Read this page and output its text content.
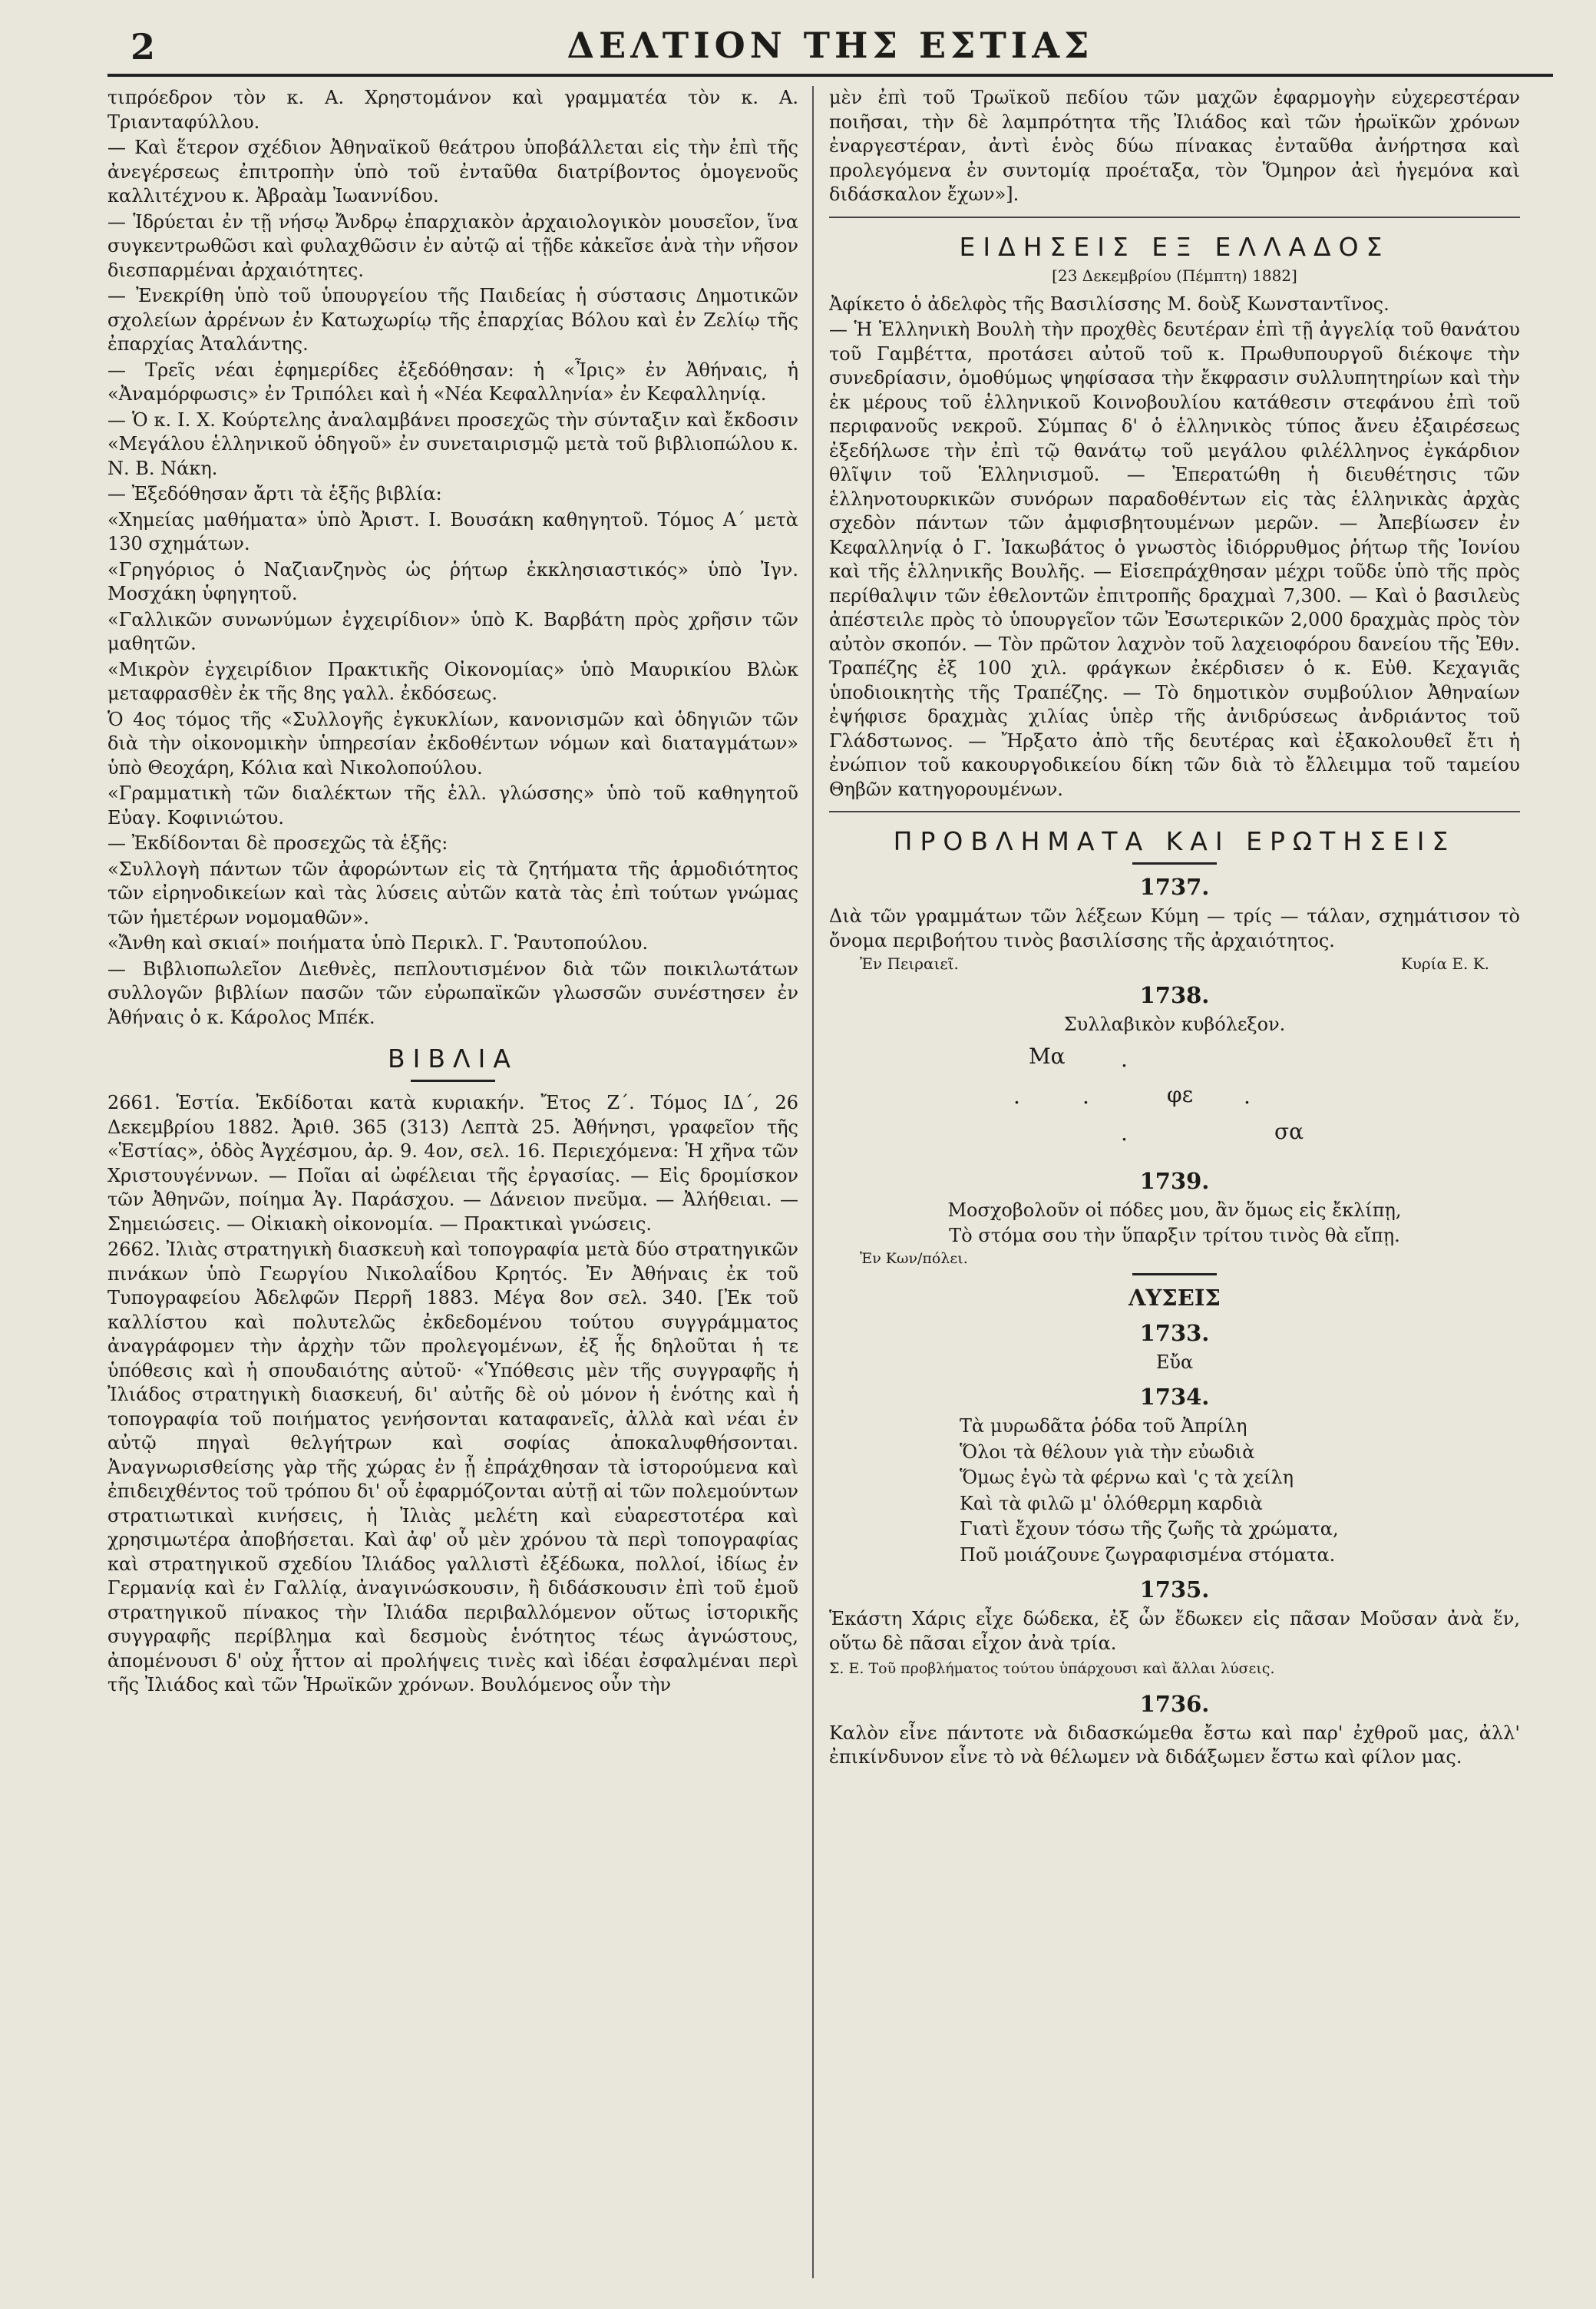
2	ΔΕΛΤΙΟΝ ΤΗΣ ΕΣΤΙΑΣ

τιπρόεδρον τὸν κ. Α. Χρηστομάνον καὶ γραμματέα τὸν κ. Α. Τριανταφύλλου.

— Καὶ ἕτερον σχέδιον Ἀθηναϊκοῦ θεάτρου ὑποβάλλεται εἰς τὴν ἐπὶ τῆς ἀνεγέρσεως ἐπιτροπὴν ὑπὸ τοῦ ἐνταῦθα διατρίβοντος ὁμογενοῦς καλλιτέχνου κ. Ἀβραὰμ Ἰωαννίδου.

— Ἱδρύεται ἐν τῇ νήσῳ Ἄνδρῳ ἐπαρχιακὸν ἀρχαιολογικὸν μουσεῖον, ἵνα συγκεντρωθῶσι καὶ φυλαχθῶσιν ἐν αὐτῷ αἱ τῇδε κἀκεῖσε ἀνὰ τὴν νῆσον διεσπαρμέναι ἀρχαιότητες.

— Ἐνεκρίθη ὑπὸ τοῦ ὑπουργείου τῆς Παιδείας ἡ σύστασις Δημοτικῶν σχολείων ἀρρένων ἐν Κατωχωρίῳ τῆς ἐπαρχίας Βόλου καὶ ἐν Ζελίῳ τῆς ἐπαρχίας Ἀταλάντης.

— Τρεῖς νέαι ἐφημερίδες ἐξεδόθησαν: ἡ «Ἶρις» ἐν Ἀθήναις, ἡ «Ἀναμόρφωσις» ἐν Τριπόλει καὶ ἡ «Νέα Κεφαλληνία» ἐν Κεφαλληνίᾳ.

— Ὁ κ. Ι. Χ. Κούρτελης ἀναλαμβάνει προσεχῶς τὴν σύνταξιν καὶ ἔκδοσιν «Μεγάλου ἑλληνικοῦ ὁδηγοῦ» ἐν συνεταιρισμῷ μετὰ τοῦ βιβλιοπώλου κ. Ν. Β. Νάκη.

— Ἐξεδόθησαν ἄρτι τὰ ἑξῆς βιβλία:

«Χημείας μαθήματα» ὑπὸ Ἀριστ. Ι. Βουσάκη καθηγητοῦ. Τόμος Α΄ μετὰ 130 σχημάτων.

«Γρηγόριος ὁ Ναζιανζηνὸς ὡς ῥήτωρ ἐκκλησιαστικός» ὑπὸ Ἰγν. Μοσχάκη ὑφηγητοῦ.

«Γαλλικῶν συνωνύμων ἐγχειρίδιον» ὑπὸ Κ. Βαρβάτη πρὸς χρῆσιν τῶν μαθητῶν.

«Μικρὸν ἐγχειρίδιον Πρακτικῆς Οἰκονομίας» ὑπὸ Μαυρικίου Βλὼκ μεταφρασθὲν ἐκ τῆς 8ης γαλλ. ἐκδόσεως.

Ὁ 4ος τόμος τῆς «Συλλογῆς ἐγκυκλίων, κανονισμῶν καὶ ὁδηγιῶν τῶν διὰ τὴν οἰκονομικὴν ὑπηρεσίαν ἐκδοθέντων νόμων καὶ διαταγμάτων» ὑπὸ Θεοχάρη, Κόλια καὶ Νικολοπούλου.

«Γραμματικὴ τῶν διαλέκτων τῆς ἑλλ. γλώσσης» ὑπὸ τοῦ καθηγητοῦ Εὐαγ. Κοφινιώτου.

— Ἐκδίδονται δὲ προσεχῶς τὰ ἑξῆς:

«Συλλογὴ πάντων τῶν ἀφορώντων εἰς τὰ ζητήματα τῆς ἁρμοδιότητος τῶν εἰρηνοδικείων καὶ τὰς λύσεις αὐτῶν κατὰ τὰς ἐπὶ τούτων γνώμας τῶν ἡμετέρων νομομαθῶν».

«Ἄνθη καὶ σκιαί» ποιήματα ὑπὸ Περικλ. Γ. Ῥαυτοπούλου.

— Βιβλιοπωλεῖον Διεθνὲς, πεπλουτισμένον διὰ τῶν ποικιλωτάτων συλλογῶν βιβλίων πασῶν τῶν εὐρωπαϊκῶν γλωσσῶν συνέστησεν ἐν Ἀθήναις ὁ κ. Κάρολος Μπέκ.

ΒΙΒΛΙΑ

2661. Ἑστία. Ἐκδίδοται κατὰ κυριακήν. Ἔτος Ζ΄. Τόμος ΙΔ΄, 26 Δεκεμβρίου 1882. Ἀριθ. 365 (313) Λεπτὰ 25. Ἀθήνησι, γραφεῖον τῆς «Ἑστίας», ὁδὸς Ἀγχέσμου, ἀρ. 9. 4ον, σελ. 16. Περιεχόμενα: Ἡ χῆνα τῶν Χριστουγέννων. — Ποῖαι αἱ ὠφέλειαι τῆς ἐργασίας. — Εἰς δρομίσκον τῶν Ἀθηνῶν, ποίημα Ἀγ. Παράσχου. — Δάνειον πνεῦμα. — Ἀλήθειαι. — Σημειώσεις. — Οἰκιακὴ οἰκονομία. — Πρακτικαὶ γνώσεις.

2662. Ἰλιὰς στρατηγικὴ διασκευὴ καὶ τοπογραφία μετὰ δύο στρατηγικῶν πινάκων ὑπὸ Γεωργίου Νικολαΐδου Κρητός. Ἐν Ἀθήναις ἐκ τοῦ Τυπογραφείου Ἀδελφῶν Περρῆ 1883. Μέγα 8ον σελ. 340. [Ἐκ τοῦ καλλίστου καὶ πολυτελῶς ἐκδεδομένου τούτου συγγράμματος ἀναγράφομεν τὴν ἀρχὴν τῶν προλεγομένων, ἐξ ἧς δηλοῦται ἡ τε ὑπόθεσις καὶ ἡ σπουδαιότης αὐτοῦ· «Ὑπόθεσις μὲν τῆς συγγραφῆς ἡ Ἰλιάδος στρατηγικὴ διασκευή, δι' αὐτῆς δὲ οὐ μόνον ἡ ἑνότης καὶ ἡ τοπογραφία τοῦ ποιήματος γενήσονται καταφανεῖς, ἀλλὰ καὶ νέαι ἐν αὐτῷ πηγαὶ θελγήτρων καὶ σοφίας ἀποκαλυφθήσονται. Ἀναγνωρισθείσης γὰρ τῆς χώρας ἐν ᾗ ἐπράχθησαν τὰ ἱστορούμενα καὶ ἐπιδειχθέντος τοῦ τρόπου δι' οὗ ἐφαρμόζονται αὐτῇ αἱ τῶν πολεμούντων στρατιωτικαὶ κινήσεις, ἡ Ἰλιὰς μελέτη καὶ εὐαρεστοτέρα καὶ χρησιμωτέρα ἀποβήσεται. Καὶ ἀφ' οὗ μὲν χρόνου τὰ περὶ τοπογραφίας καὶ στρατηγικοῦ σχεδίου Ἰλιάδος γαλλιστὶ ἐξέδωκα, πολλοί, ἰδίως ἐν Γερμανίᾳ καὶ ἐν Γαλλίᾳ, ἀναγινώσκουσιν, ἢ διδάσκουσιν ἐπὶ τοῦ ἐμοῦ στρατηγικοῦ πίνακος τὴν Ἰλιάδα περιβαλλόμενον οὕτως ἱστορικῆς συγγραφῆς περίβλημα καὶ δεσμοὺς ἑνότητος τέως ἀγνώστους, ἀπομένουσι δ' οὐχ ἧττον αἱ προλήψεις τινὲς καὶ ἰδέαι ἐσφαλμέναι περὶ τῆς Ἰλιάδος καὶ τῶν Ἡρωϊκῶν χρόνων. Βουλόμενος οὖν τὴν

μὲν ἐπὶ τοῦ Τρωϊκοῦ πεδίου τῶν μαχῶν ἐφαρμογὴν εὐχερεστέραν ποιῆσαι, τὴν δὲ λαμπρότητα τῆς Ἰλιάδος καὶ τῶν ἡρωϊκῶν χρόνων ἐναργεστέραν, ἀντὶ ἑνὸς δύω πίνακας ἐνταῦθα ἀνήρτησα καὶ προλεγόμενα ἐν συντομίᾳ προέταξα, τὸν Ὅμηρον ἀεὶ ἡγεμόνα καὶ διδάσκαλον ἔχων»].

ΕΙΔΗΣΕΙΣ ΕΞ ΕΛΛΑΔΟΣ
[23 Δεκεμβρίου (Πέμπτη) 1882]

Ἀφίκετο ὁ ἀδελφὸς τῆς Βασιλίσσης Μ. δοὺξ Κωνσταντῖνος.

— Ἡ Ἑλληνικὴ Βουλὴ τὴν προχθὲς δευτέραν ἐπὶ τῇ ἀγγελίᾳ τοῦ θανάτου τοῦ Γαμβέττα, προτάσει αὐτοῦ τοῦ κ. Πρωθυπουργοῦ διέκοψε τὴν συνεδρίασιν, ὁμοθύμως ψηφίσασα τὴν ἔκφρασιν συλλυπητηρίων καὶ τὴν ἐκ μέρους τοῦ ἑλληνικοῦ Κοινοβουλίου κατάθεσιν στεφάνου ἐπὶ τοῦ περιφανοῦς νεκροῦ. Σύμπας δ' ὁ ἑλληνικὸς τύπος ἄνευ ἐξαιρέσεως ἐξεδήλωσε τὴν ἐπὶ τῷ θανάτῳ τοῦ μεγάλου φιλέλληνος ἐγκάρδιον θλῖψιν τοῦ Ἑλληνισμοῦ. — Ἐπερατώθη ἡ διευθέτησις τῶν ἑλληνοτουρκικῶν συνόρων παραδοθέντων εἰς τὰς ἑλληνικὰς ἀρχὰς σχεδὸν πάντων τῶν ἀμφισβητουμένων μερῶν. — Ἀπεβίωσεν ἐν Κεφαλληνίᾳ ὁ Γ. Ἰακωβάτος ὁ γνωστὸς ἰδιόρρυθμος ῥήτωρ τῆς Ἰονίου καὶ τῆς ἑλληνικῆς Βουλῆς. — Εἰσεπράχθησαν μέχρι τοῦδε ὑπὸ τῆς πρὸς περίθαλψιν τῶν ἐθελοντῶν ἐπιτροπῆς δραχμαὶ 7,300. — Καὶ ὁ βασιλεὺς ἀπέστειλε πρὸς τὸ ὑπουργεῖον τῶν Ἐσωτερικῶν 2,000 δραχμὰς πρὸς τὸν αὐτὸν σκοπόν. — Τὸν πρῶτον λαχνὸν τοῦ λαχειοφόρου δανείου τῆς Ἐθν. Τραπέζης ἐξ 100 χιλ. φράγκων ἐκέρδισεν ὁ κ. Εὐθ. Κεχαγιᾶς ὑποδιοικητὴς τῆς Τραπέζης. — Τὸ δημοτικὸν συμβούλιον Ἀθηναίων ἐψήφισε δραχμὰς χιλίας ὑπὲρ τῆς ἀνιδρύσεως ἀνδριάντος τοῦ Γλάδστωνος. — Ἤρξατο ἀπὸ τῆς δευτέρας καὶ ἐξακολουθεῖ ἔτι ἡ ἐνώπιον τοῦ κακουργοδικείου δίκη τῶν διὰ τὸ ἔλλειμμα τοῦ ταμείου Θηβῶν κατηγορουμένων.

ΠΡΟΒΛΗΜΑΤΑ ΚΑΙ ΕΡΩΤΗΣΕΙΣ
1737.

Διὰ τῶν γραμμάτων τῶν λέξεων Κύμη — τρίς — τάλαν, σχημάτισον τὸ ὄνομα περιβοήτου τινὸς βασιλίσσης τῆς ἀρχαιότητος.

Ἐν Πειραιεῖ.	Κυρία Ε. Κ.
1738.

Συλλαβικὸν κυβόλεξον.

Μα	.
.	.	φε .
.	σα
1739.

Μοσχοβολοῦν οἱ πόδες μου, ἂν ὅμως εἰς ἔκλίπῃ,

Τὸ στόμα σου τὴν ὕπαρξιν τρίτου τινὸς θὰ εἴπῃ.

Ἐν Κων/πόλει.
ΛΥΣΕΙΣ
1733.

Εὔα

1734.

Τὰ μυρωδᾶτα ῥόδα τοῦ Ἀπρίλη

Ὅλοι τὰ θέλουν γιὰ τὴν εὐωδιὰ

Ὅμως ἐγὼ τὰ φέρνω καὶ 'ς τὰ χείλη

Καὶ τὰ φιλῶ μ' ὁλόθερμη καρδιὰ

Γιατὶ ἔχουν τόσω τῆς ζωῆς τὰ χρώματα,

Ποῦ μοιάζουνε ζωγραφισμένα στόματα.

1735.

Ἑκάστη Χάρις εἶχε δώδεκα, ἐξ ὧν ἔδωκεν εἰς πᾶσαν Μοῦσαν ἀνὰ ἕν, οὕτω δὲ πᾶσαι εἶχον ἀνὰ τρία.

Σ. Ε. Τοῦ προβλήματος τούτου ὑπάρχουσι καὶ ἄλλαι λύσεις.

1736.

Καλὸν εἶνε πάντοτε νὰ διδασκώμεθα ἔστω καὶ παρ' ἐχθροῦ μας, ἀλλ' ἐπικίνδυνον εἶνε τὸ νὰ θέλωμεν νὰ διδάξωμεν ἔστω καὶ φίλον μας.
